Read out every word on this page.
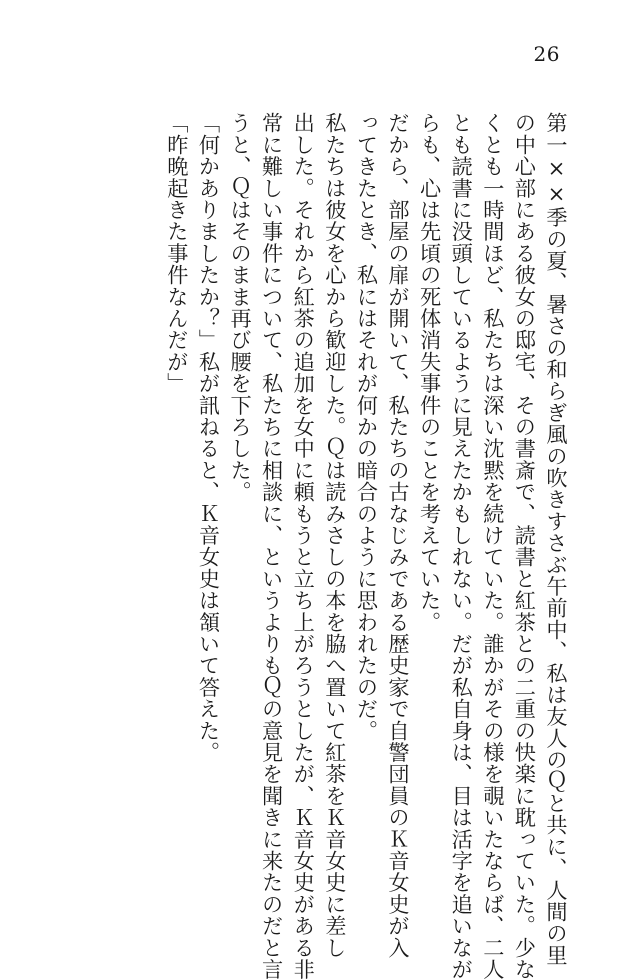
26
第一××季の夏、暑さの和らぎ風の吹きすさぶ午前中、私は友人のＱと共に、人間の里
の中心部にある彼女の邸宅、その書斎で、読書と紅茶との二重の快楽に耽っていた。少な
くとも一時間ほど、私たちは深い沈黙を続けていた。誰かがその様を覗いたならば、二人
とも読書に没頭しているように見えたかもしれない。だが私自身は、目は活字を追いなが
らも、心は先頃の死体消失事件のことを考えていた。
だから、部屋の扉が開いて、私たちの古なじみである歴史家で自警団員のＫ音女史が入
ってきたとき、私にはそれが何かの暗合のように思われたのだ。
私たちは彼女を心から歓迎した。Ｑは読みさしの本を脇へ置いて紅茶をＫ音女史に差し
出した。それから紅茶の追加を女中に頼もうと立ち上がろうとしたが、Ｋ音女史がある非
常に難しい事件について、私たちに相談に、というよりもＱの意見を聞きに来たのだと言
うと、Ｑはそのまま再び腰を下ろした。
「何かありましたか？」私が訊ねると、Ｋ音女史は頷いて答えた。
「昨晩起きた事件なんだが」
